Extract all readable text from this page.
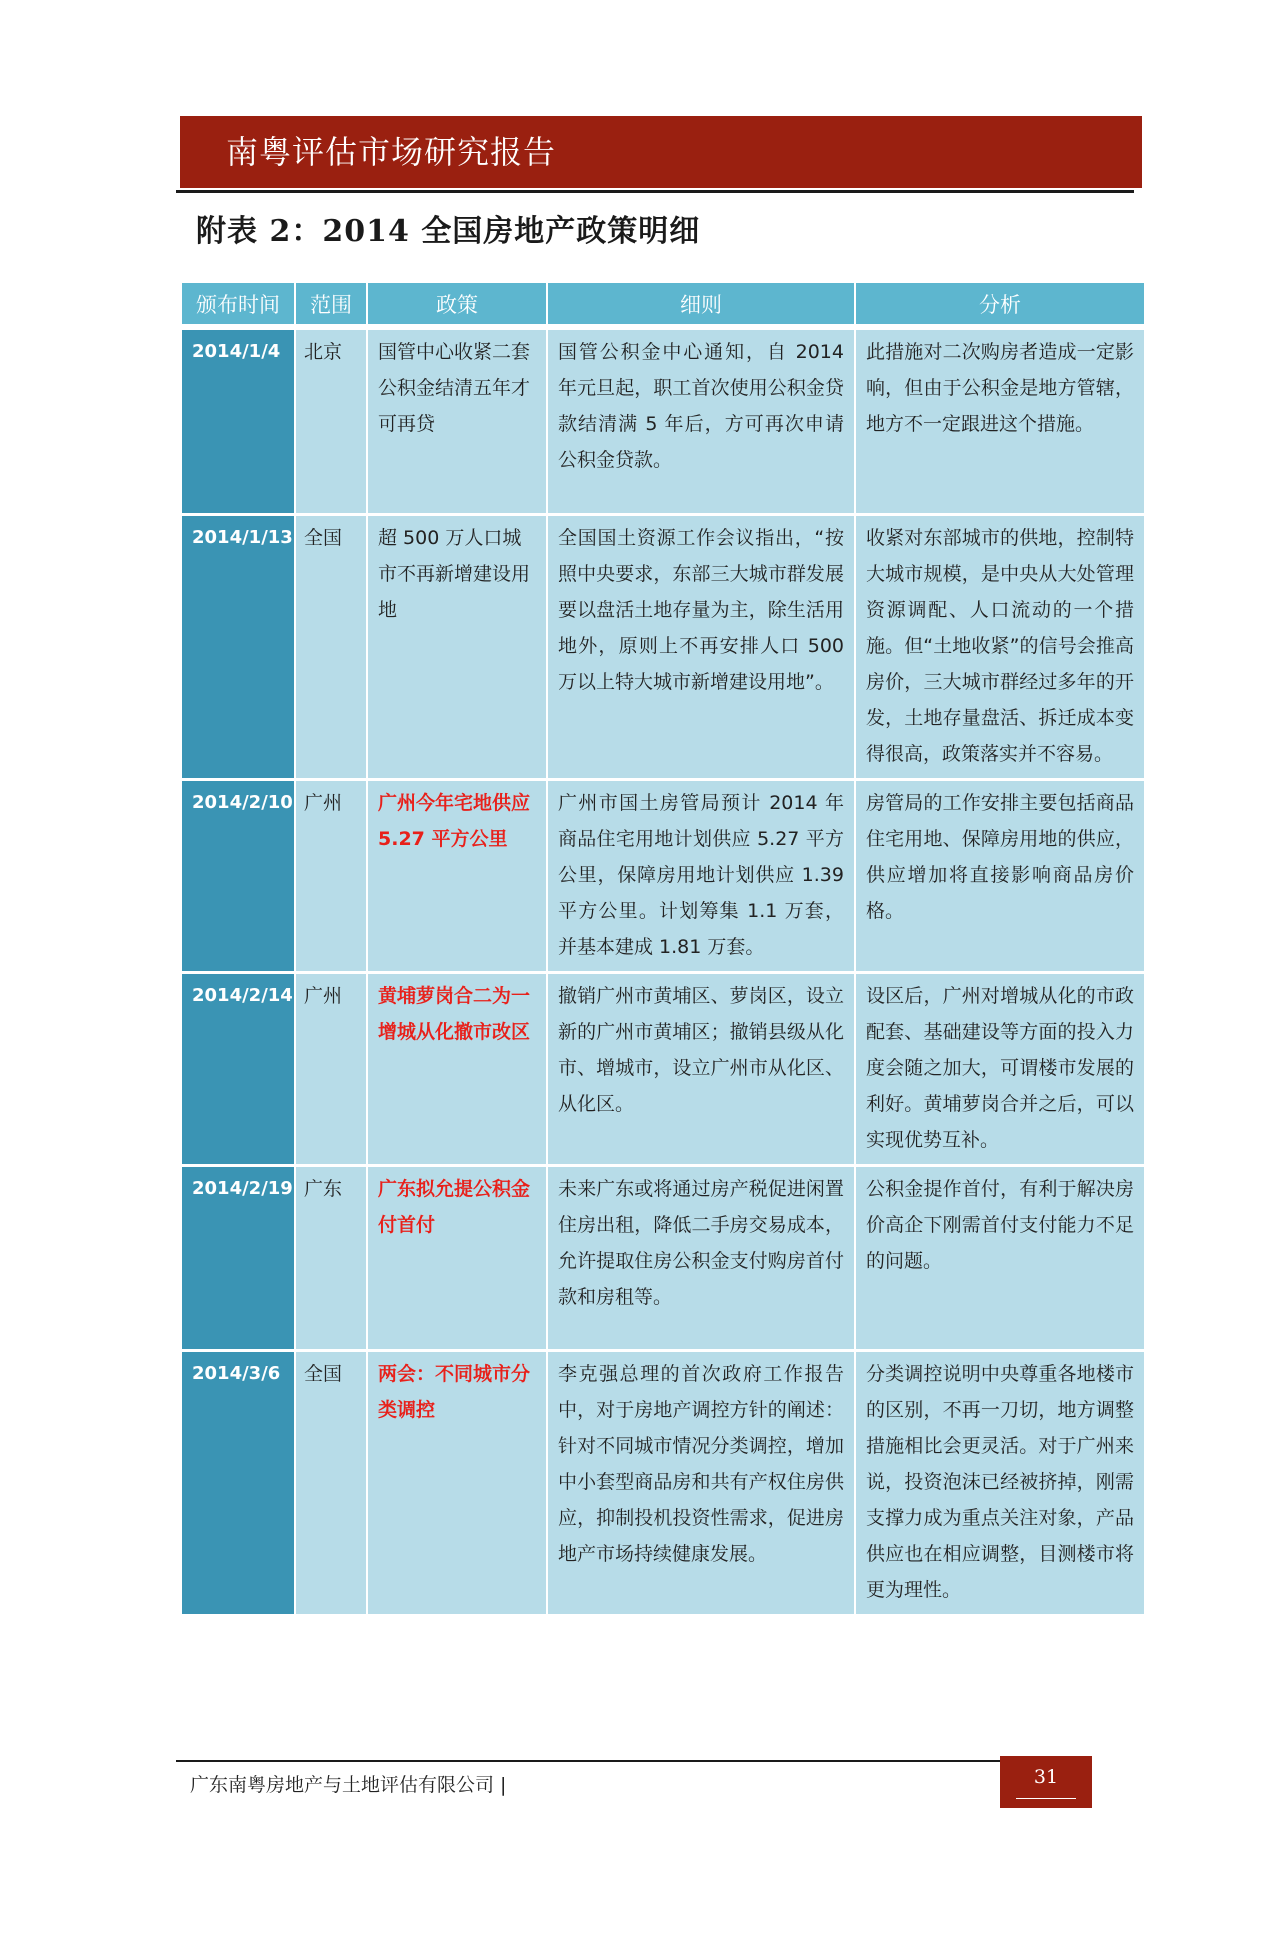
南粤评估市场研究报告
附表 2：2014 全国房地产政策明细
颁布时间	范围	政策	细则	分析
2014/1/4	北京	国管中心收紧二套公积金结清五年才可再贷	国管公积金中心通知，自 2014 年元旦起，职工首次使用公积金贷款结清满 5 年后，方可再次申请公积金贷款。	此措施对二次购房者造成一定影响，但由于公积金是地方管辖，地方不一定跟进这个措施。
2014/1/13	全国	超 500 万人口城市不再新增建设用地	全国国土资源工作会议指出，“按照中央要求，东部三大城市群发展要以盘活土地存量为主，除生活用地外，原则上不再安排人口 500 万以上特大城市新增建设用地”。	收紧对东部城市的供地，控制特大城市规模，是中央从大处管理资源调配、人口流动的一个措施。但“土地收紧”的信号会推高房价，三大城市群经过多年的开发，土地存量盘活、拆迁成本变得很高，政策落实并不容易。
2014/2/10	广州	广州今年宅地供应 5.27 平方公里	广州市国土房管局预计 2014 年商品住宅用地计划供应 5.27 平方公里，保障房用地计划供应 1.39 平方公里。计划筹集 1.1 万套，并基本建成 1.81 万套。	房管局的工作安排主要包括商品住宅用地、保障房用地的供应，供应增加将直接影响商品房价格。
2014/2/14	广州	黄埔萝岗合二为一增城从化撤市改区	撤销广州市黄埔区、萝岗区，设立新的广州市黄埔区；撤销县级从化市、增城市，设立广州市从化区、从化区。	设区后，广州对增城从化的市政配套、基础建设等方面的投入力度会随之加大，可谓楼市发展的利好。黄埔萝岗合并之后，可以实现优势互补。
2014/2/19	广东	广东拟允提公积金付首付	未来广东或将通过房产税促进闲置住房出租，降低二手房交易成本，允许提取住房公积金支付购房首付款和房租等。	公积金提作首付，有利于解决房价高企下刚需首付支付能力不足的问题。
2014/3/6	全国	两会：不同城市分类调控	李克强总理的首次政府工作报告中，对于房地产调控方针的阐述：针对不同城市情况分类调控，增加中小套型商品房和共有产权住房供应，抑制投机投资性需求，促进房地产市场持续健康发展。	分类调控说明中央尊重各地楼市的区别，不再一刀切，地方调整措施相比会更灵活。对于广州来说，投资泡沫已经被挤掉，刚需支撑力成为重点关注对象，产品供应也在相应调整，目测楼市将更为理性。
广东南粤房地产与土地评估有限公司 |	31
